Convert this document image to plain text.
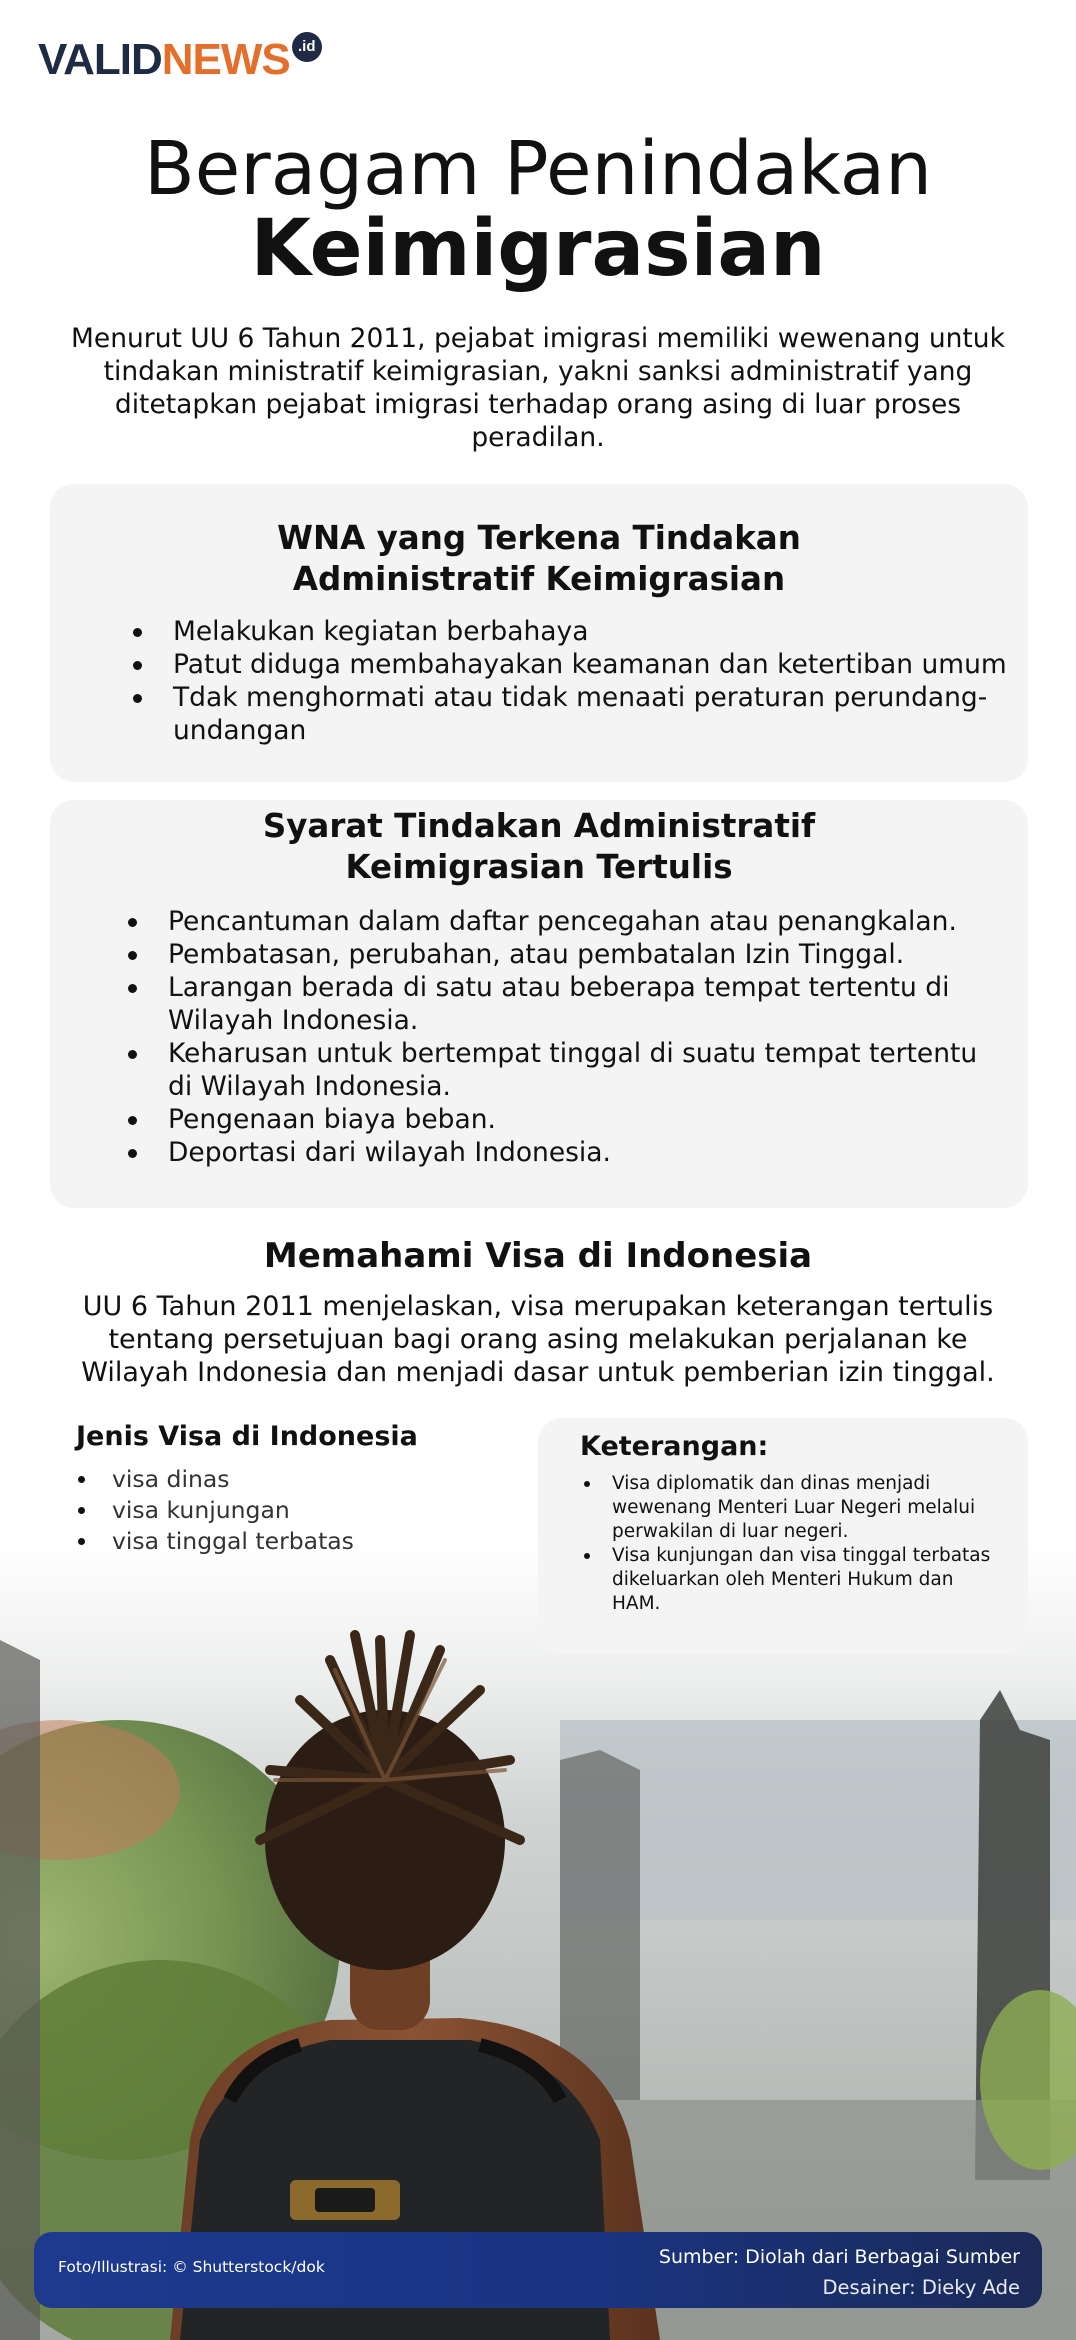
VALIDNEWS .id
Beragam Penindakan
Keimigrasian
Menurut UU 6 Tahun 2011, pejabat imigrasi memiliki wewenang untuk tindakan ministratif keimigrasian, yakni sanksi administratif yang ditetapkan pejabat imigrasi terhadap orang asing di luar proses peradilan.
WNA yang Terkena Tindakan
Administratif Keimigrasian
Melakukan kegiatan berbahaya
Patut diduga membahayakan keamanan dan ketertiban umum
Tdak menghormati atau tidak menaati peraturan perundang-undangan
Syarat Tindakan Administratif
Keimigrasian Tertulis
Pencantuman dalam daftar pencegahan atau penangkalan.
Pembatasan, perubahan, atau pembatalan Izin Tinggal.
Larangan berada di satu atau beberapa tempat tertentu di Wilayah Indonesia.
Keharusan untuk bertempat tinggal di suatu tempat tertentu di Wilayah Indonesia.
Pengenaan biaya beban.
Deportasi dari wilayah Indonesia.
Memahami Visa di Indonesia
UU 6 Tahun 2011 menjelaskan, visa merupakan keterangan tertulis tentang persetujuan bagi orang asing melakukan perjalanan ke Wilayah Indonesia dan menjadi dasar untuk pemberian izin tinggal.
Jenis Visa di Indonesia
visa dinas
visa kunjungan
visa tinggal terbatas
Keterangan:
Visa diplomatik dan dinas menjadi wewenang Menteri Luar Negeri melalui perwakilan di luar negeri.
Visa kunjungan dan visa tinggal terbatas dikeluarkan oleh Menteri Hukum dan HAM.
Foto/Illustrasi: © Shutterstock/dok	Sumber: Diolah dari Berbagai Sumber
Desainer: Dieky Ade
